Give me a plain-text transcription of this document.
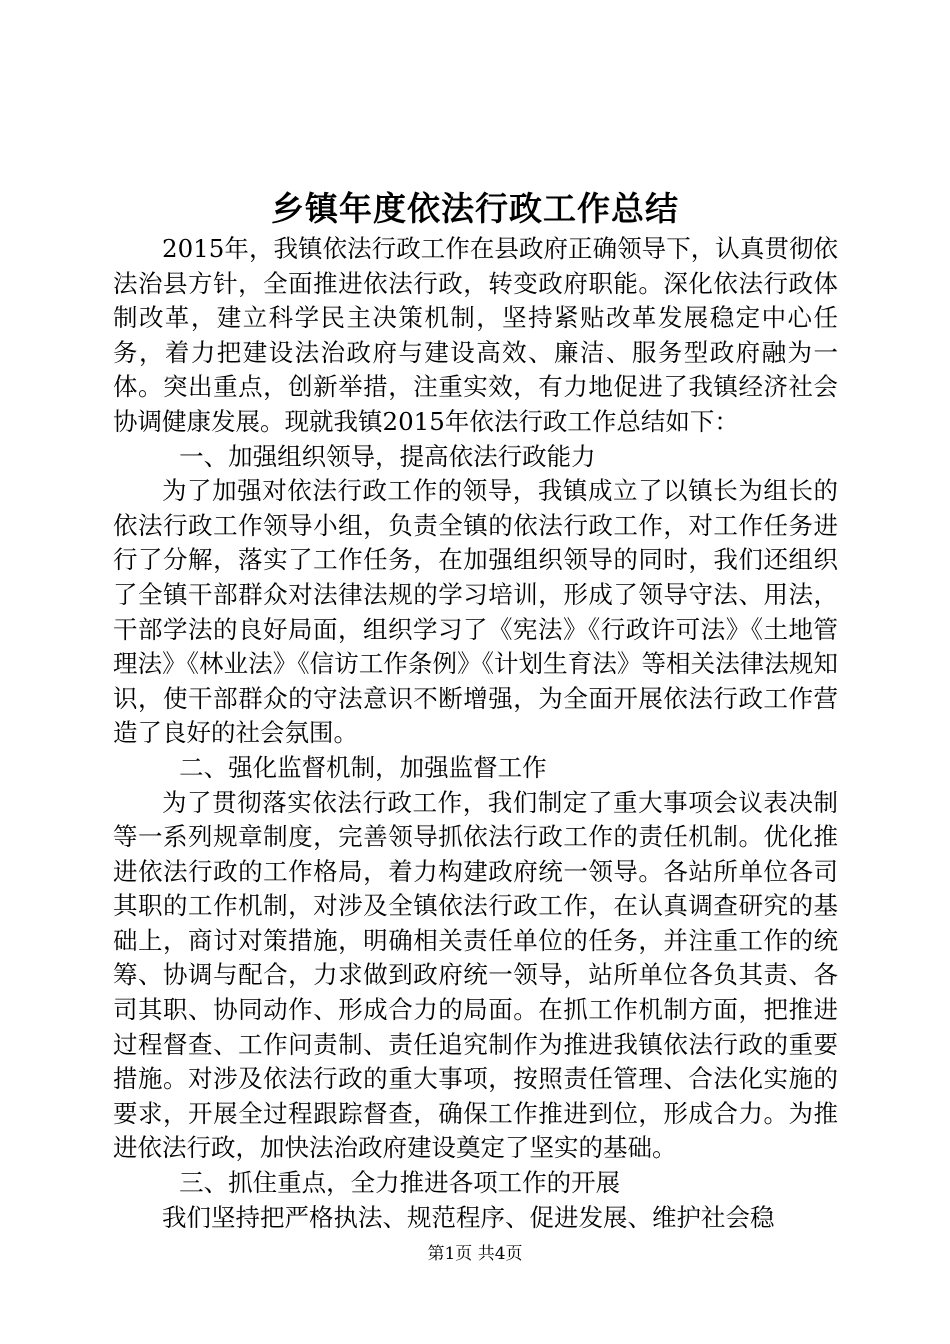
乡镇年度依法行政工作总结

2015年，我镇依法行政工作在县政府正确领导下，认真贯彻依法治县方针，全面推进依法行政，转变政府职能。深化依法行政体制改革，建立科学民主决策机制，坚持紧贴改革发展稳定中心任务，着力把建设法治政府与建设高效、廉洁、服务型政府融为一体。突出重点，创新举措，注重实效，有力地促进了我镇经济社会协调健康发展。现就我镇2015年依法行政工作总结如下：

一、加强组织领导，提高依法行政能力

为了加强对依法行政工作的领导，我镇成立了以镇长为组长的依法行政工作领导小组，负责全镇的依法行政工作，对工作任务进行了分解，落实了工作任务，在加强组织领导的同时，我们还组织了全镇干部群众对法律法规的学习培训，形成了领导守法、用法，干部学法的良好局面，组织学习了《宪法》《行政许可法》《土地管理法》《林业法》《信访工作条例》《计划生育法》等相关法律法规知识，使干部群众的守法意识不断增强，为全面开展依法行政工作营造了良好的社会氛围。

二、强化监督机制，加强监督工作

为了贯彻落实依法行政工作，我们制定了重大事项会议表决制等一系列规章制度，完善领导抓依法行政工作的责任机制。优化推进依法行政的工作格局，着力构建政府统一领导。各站所单位各司其职的工作机制，对涉及全镇依法行政工作，在认真调查研究的基础上，商讨对策措施，明确相关责任单位的任务，并注重工作的统筹、协调与配合，力求做到政府统一领导，站所单位各负其责、各司其职、协同动作、形成合力的局面。在抓工作机制方面，把推进过程督查、工作问责制、责任追究制作为推进我镇依法行政的重要措施。对涉及依法行政的重大事项，按照责任管理、合法化实施的要求，开展全过程跟踪督查，确保工作推进到位，形成合力。为推进依法行政，加快法治政府建设奠定了坚实的基础。

三、抓住重点，全力推进各项工作的开展

我们坚持把严格执法、规范程序、促进发展、维护社会稳

第1页 共4页
